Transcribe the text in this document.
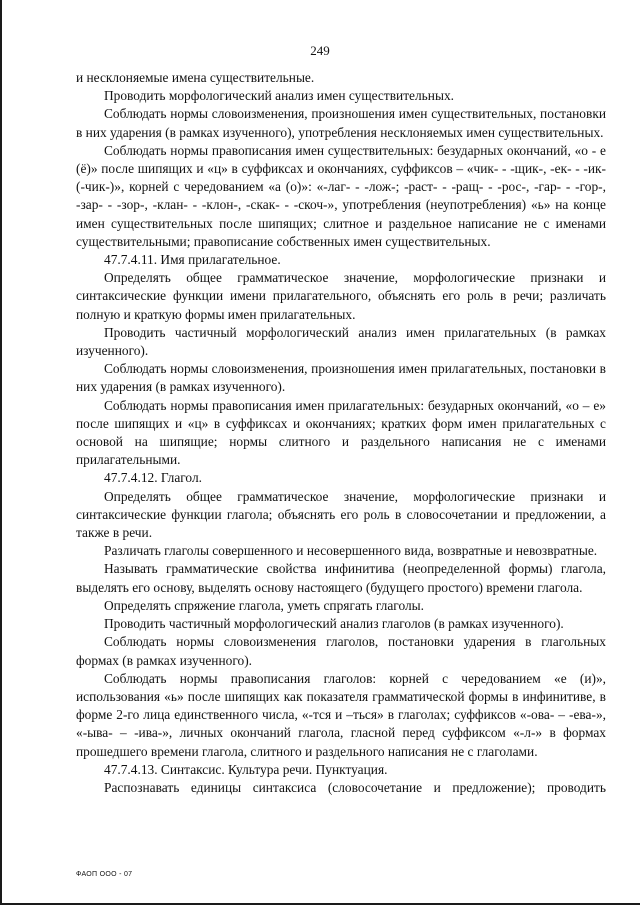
249

и несклоняемые имена существительные.

Проводить морфологический анализ имен существительных.

Соблюдать нормы словоизменения, произношения имен существительных, постановки в них ударения (в рамках изученного), употребления несклоняемых имен существительных.

Соблюдать нормы правописания имен существительных: безударных окончаний, «о - е (ё)» после шипящих и «ц» в суффиксах и окончаниях, суффиксов – «чик- - -щик-, -ек- - -ик- (-чик-)», корней с чередованием «а (о)»: «-лаг- - -лож-; -раст- - -ращ- - -рос-, -гар- - -гор-, -зар- - -зор-, -клан- - -клон-, -скак- - -скоч-», употребления (неупотребления) «ь» на конце имен существительных после шипящих; слитное и раздельное написание не с именами существительными; правописание собственных имен существительных.

47.7.4.11. Имя прилагательное.

Определять общее грамматическое значение, морфологические признаки и синтаксические функции имени прилагательного, объяснять его роль в речи; различать полную и краткую формы имен прилагательных.

Проводить частичный морфологический анализ имен прилагательных (в рамках изученного).

Соблюдать нормы словоизменения, произношения имен прилагательных, постановки в них ударения (в рамках изученного).

Соблюдать нормы правописания имен прилагательных: безударных окончаний, «о – е» после шипящих и «ц» в суффиксах и окончаниях; кратких форм имен прилагательных с основой на шипящие; нормы слитного и раздельного написания не с именами прилагательными.

47.7.4.12. Глагол.

Определять общее грамматическое значение, морфологические признаки и синтаксические функции глагола; объяснять его роль в словосочетании и предложении, а также в речи.

Различать глаголы совершенного и несовершенного вида, возвратные и невозвратные.

Называть грамматические свойства инфинитива (неопределенной формы) глагола, выделять его основу, выделять основу настоящего (будущего простого) времени глагола.

Определять спряжение глагола, уметь спрягать глаголы.

Проводить частичный морфологический анализ глаголов (в рамках изученного).

Соблюдать нормы словоизменения глаголов, постановки ударения в глагольных формах (в рамках изученного).

Соблюдать нормы правописания глаголов: корней с чередованием «е (и)», использования «ь» после шипящих как показателя грамматической формы в инфинитиве, в форме 2-го лица единственного числа, «-тся и –ться» в глаголах; суффиксов «-ова- – -ева-», «-ыва- – -ива-», личных окончаний глагола, гласной перед суффиксом «-л-» в формах прошедшего времени глагола, слитного и раздельного написания не с глаголами.

47.7.4.13. Синтаксис. Культура речи. Пунктуация.

Распознавать единицы синтаксиса (словосочетание и предложение); проводить

ФАОП ООО - 07
